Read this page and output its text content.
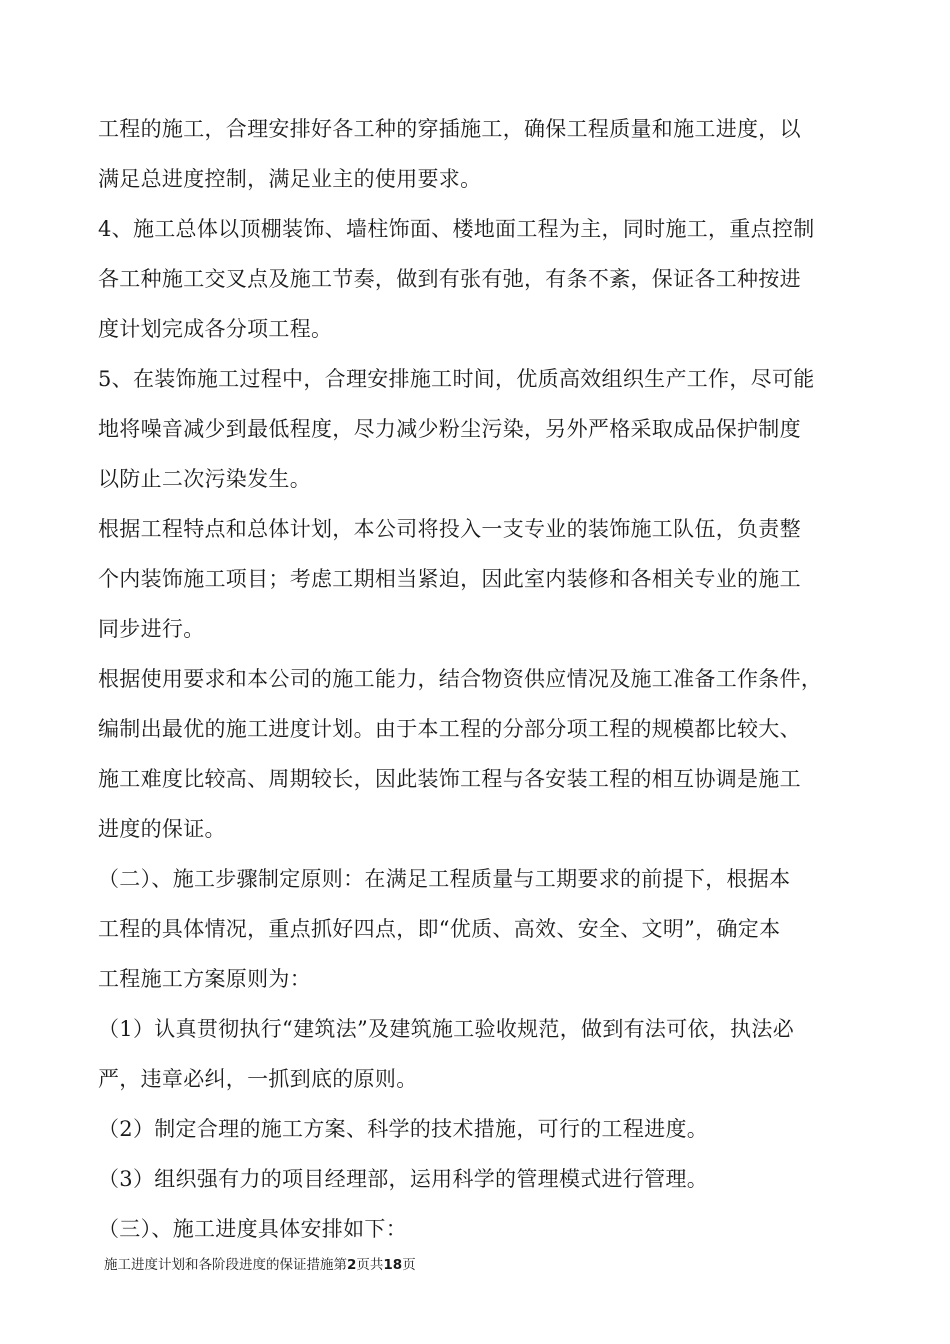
工程的施工，合理安排好各工种的穿插施工，确保工程质量和施工进度，以
满足总进度控制，满足业主的使用要求。
4、施工总体以顶棚装饰、墙柱饰面、楼地面工程为主，同时施工，重点控制
各工种施工交叉点及施工节奏，做到有张有弛，有条不紊，保证各工种按进
度计划完成各分项工程。
5、在装饰施工过程中，合理安排施工时间，优质高效组织生产工作，尽可能
地将噪音减少到最低程度，尽力减少粉尘污染，另外严格采取成品保护制度
以防止二次污染发生。
根据工程特点和总体计划，本公司将投入一支专业的装饰施工队伍，负责整
个内装饰施工项目；考虑工期相当紧迫，因此室内装修和各相关专业的施工
同步进行。
根据使用要求和本公司的施工能力，结合物资供应情况及施工准备工作条件，
编制出最优的施工进度计划。由于本工程的分部分项工程的规模都比较大、
施工难度比较高、周期较长，因此装饰工程与各安装工程的相互协调是施工
进度的保证。
（二）、施工步骤制定原则：在满足工程质量与工期要求的前提下，根据本
工程的具体情况，重点抓好四点，即“优质、高效、安全、文明”，确定本
工程施工方案原则为：
（1）认真贯彻执行“建筑法”及建筑施工验收规范，做到有法可依，执法必
严，违章必纠，一抓到底的原则。
（2）制定合理的施工方案、科学的技术措施，可行的工程进度。
（3）组织强有力的项目经理部，运用科学的管理模式进行管理。
（三）、施工进度具体安排如下：
施工进度计划和各阶段进度的保证措施第2页共18页
